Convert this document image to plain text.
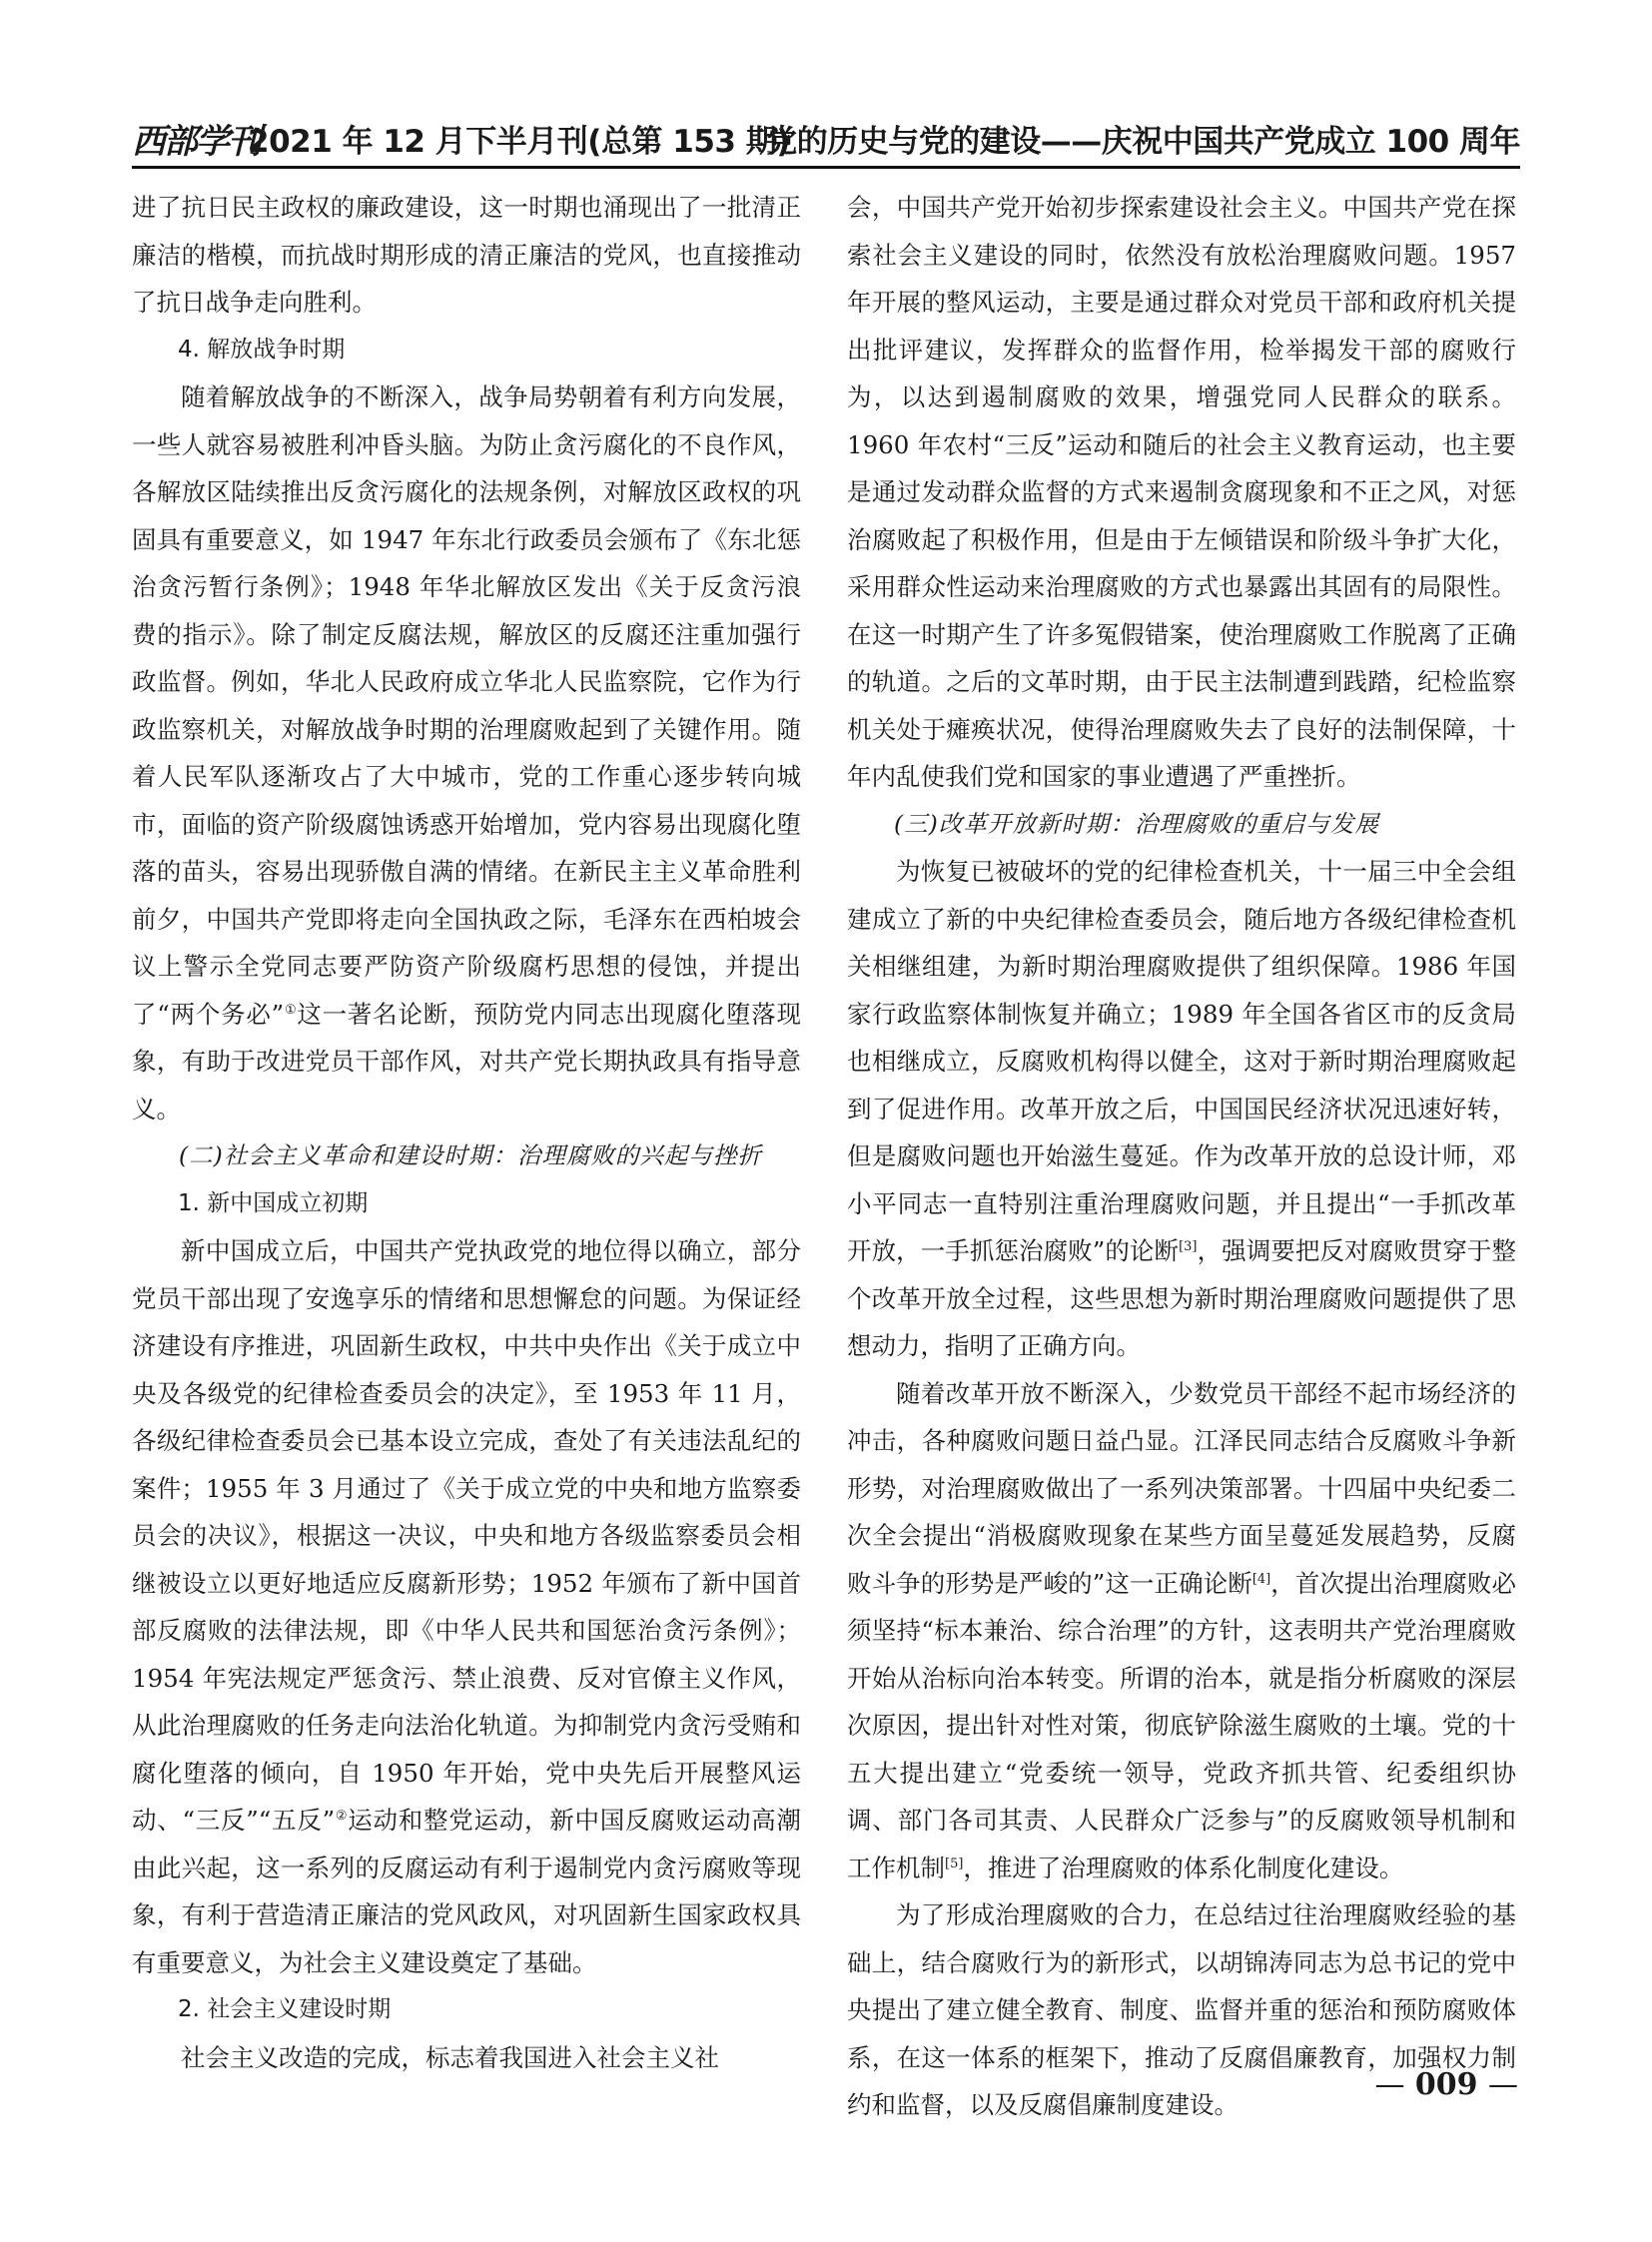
西部学刊
2021 年 12 月下半月刊(总第 153 期)
党的历史与党的建设——庆祝中国共产党成立 100 周年

进了抗日民主政权的廉政建设，这一时期也涌现出了一批清正廉洁的楷模，而抗战时期形成的清正廉洁的党风，也直接推动了抗日战争走向胜利。

4. 解放战争时期

随着解放战争的不断深入，战争局势朝着有利方向发展，一些人就容易被胜利冲昏头脑。为防止贪污腐化的不良作风，各解放区陆续推出反贪污腐化的法规条例，对解放区政权的巩固具有重要意义，如 1947 年东北行政委员会颁布了《东北惩治贪污暂行条例》；1948 年华北解放区发出《关于反贪污浪费的指示》。除了制定反腐法规，解放区的反腐还注重加强行政监督。例如，华北人民政府成立华北人民监察院，它作为行政监察机关，对解放战争时期的治理腐败起到了关键作用。随着人民军队逐渐攻占了大中城市，党的工作重心逐步转向城市，面临的资产阶级腐蚀诱惑开始增加，党内容易出现腐化堕落的苗头，容易出现骄傲自满的情绪。在新民主主义革命胜利前夕，中国共产党即将走向全国执政之际，毛泽东在西柏坡会议上警示全党同志要严防资产阶级腐朽思想的侵蚀，并提出了“两个务必”①这一著名论断，预防党内同志出现腐化堕落现象，有助于改进党员干部作风，对共产党长期执政具有指导意义。

(二)社会主义革命和建设时期：治理腐败的兴起与挫折
1. 新中国成立初期

新中国成立后，中国共产党执政党的地位得以确立，部分党员干部出现了安逸享乐的情绪和思想懈怠的问题。为保证经济建设有序推进，巩固新生政权，中共中央作出《关于成立中央及各级党的纪律检查委员会的决定》，至 1953 年 11 月，各级纪律检查委员会已基本设立完成，查处了有关违法乱纪的案件；1955 年 3 月通过了《关于成立党的中央和地方监察委员会的决议》，根据这一决议，中央和地方各级监察委员会相继被设立以更好地适应反腐新形势；1952 年颁布了新中国首部反腐败的法律法规，即《中华人民共和国惩治贪污条例》；1954 年宪法规定严惩贪污、禁止浪费、反对官僚主义作风，从此治理腐败的任务走向法治化轨道。为抑制党内贪污受贿和腐化堕落的倾向，自 1950 年开始，党中央先后开展整风运动、“三反”“五反”②运动和整党运动，新中国反腐败运动高潮由此兴起，这一系列的反腐运动有利于遏制党内贪污腐败等现象，有利于营造清正廉洁的党风政风，对巩固新生国家政权具有重要意义，为社会主义建设奠定了基础。

2. 社会主义建设时期

社会主义改造的完成，标志着我国进入社会主义社

会，中国共产党开始初步探索建设社会主义。中国共产党在探索社会主义建设的同时，依然没有放松治理腐败问题。1957 年开展的整风运动，主要是通过群众对党员干部和政府机关提出批评建议，发挥群众的监督作用，检举揭发干部的腐败行为，以达到遏制腐败的效果，增强党同人民群众的联系。1960 年农村“三反”运动和随后的社会主义教育运动，也主要是通过发动群众监督的方式来遏制贪腐现象和不正之风，对惩治腐败起了积极作用，但是由于左倾错误和阶级斗争扩大化，采用群众性运动来治理腐败的方式也暴露出其固有的局限性。在这一时期产生了许多冤假错案，使治理腐败工作脱离了正确的轨道。之后的文革时期，由于民主法制遭到践踏，纪检监察机关处于瘫痪状况，使得治理腐败失去了良好的法制保障，十年内乱使我们党和国家的事业遭遇了严重挫折。

(三)改革开放新时期：治理腐败的重启与发展

为恢复已被破坏的党的纪律检查机关，十一届三中全会组建成立了新的中央纪律检查委员会，随后地方各级纪律检查机关相继组建，为新时期治理腐败提供了组织保障。1986 年国家行政监察体制恢复并确立；1989 年全国各省区市的反贪局也相继成立，反腐败机构得以健全，这对于新时期治理腐败起到了促进作用。改革开放之后，中国国民经济状况迅速好转，但是腐败问题也开始滋生蔓延。作为改革开放的总设计师，邓小平同志一直特别注重治理腐败问题，并且提出“一手抓改革开放，一手抓惩治腐败”的论断[3]，强调要把反对腐败贯穿于整个改革开放全过程，这些思想为新时期治理腐败问题提供了思想动力，指明了正确方向。

随着改革开放不断深入，少数党员干部经不起市场经济的冲击，各种腐败问题日益凸显。江泽民同志结合反腐败斗争新形势，对治理腐败做出了一系列决策部署。十四届中央纪委二次全会提出“消极腐败现象在某些方面呈蔓延发展趋势，反腐败斗争的形势是严峻的”这一正确论断[4]，首次提出治理腐败必须坚持“标本兼治、综合治理”的方针，这表明共产党治理腐败开始从治标向治本转变。所谓的治本，就是指分析腐败的深层次原因，提出针对性对策，彻底铲除滋生腐败的土壤。党的十五大提出建立“党委统一领导，党政齐抓共管、纪委组织协调、部门各司其责、人民群众广泛参与”的反腐败领导机制和工作机制[5]，推进了治理腐败的体系化制度化建设。

为了形成治理腐败的合力，在总结过往治理腐败经验的基础上，结合腐败行为的新形式，以胡锦涛同志为总书记的党中央提出了建立健全教育、制度、监督并重的惩治和预防腐败体系，在这一体系的框架下，推动了反腐倡廉教育，加强权力制约和监督，以及反腐倡廉制度建设。

— 009 —
